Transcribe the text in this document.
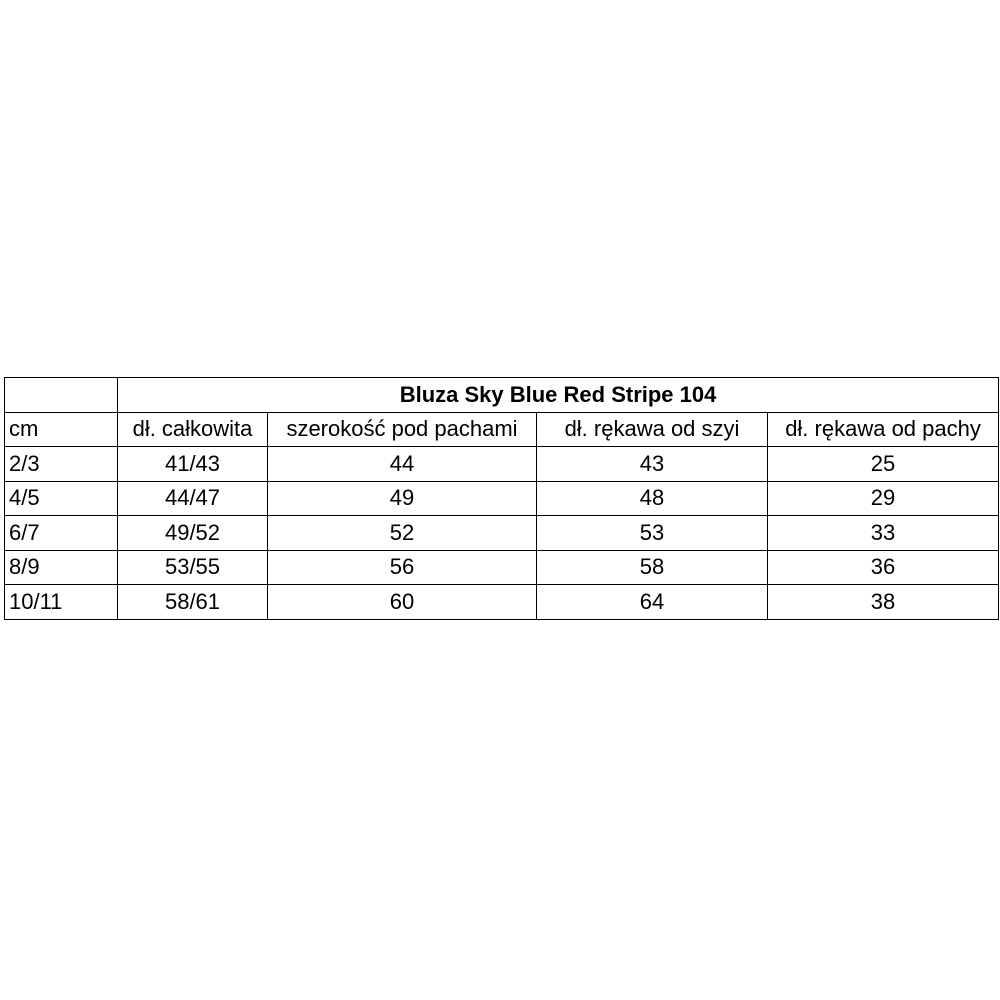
	Bluza Sky Blue Red Stripe 104			
cm	dł. całkowita	szerokość pod pachami	dł. rękawa od szyi	dł. rękawa od pachy
2/3	41/43	44	43	25
4/5	44/47	49	48	29
6/7	49/52	52	53	33
8/9	53/55	56	58	36
10/11	58/61	60	64	38
